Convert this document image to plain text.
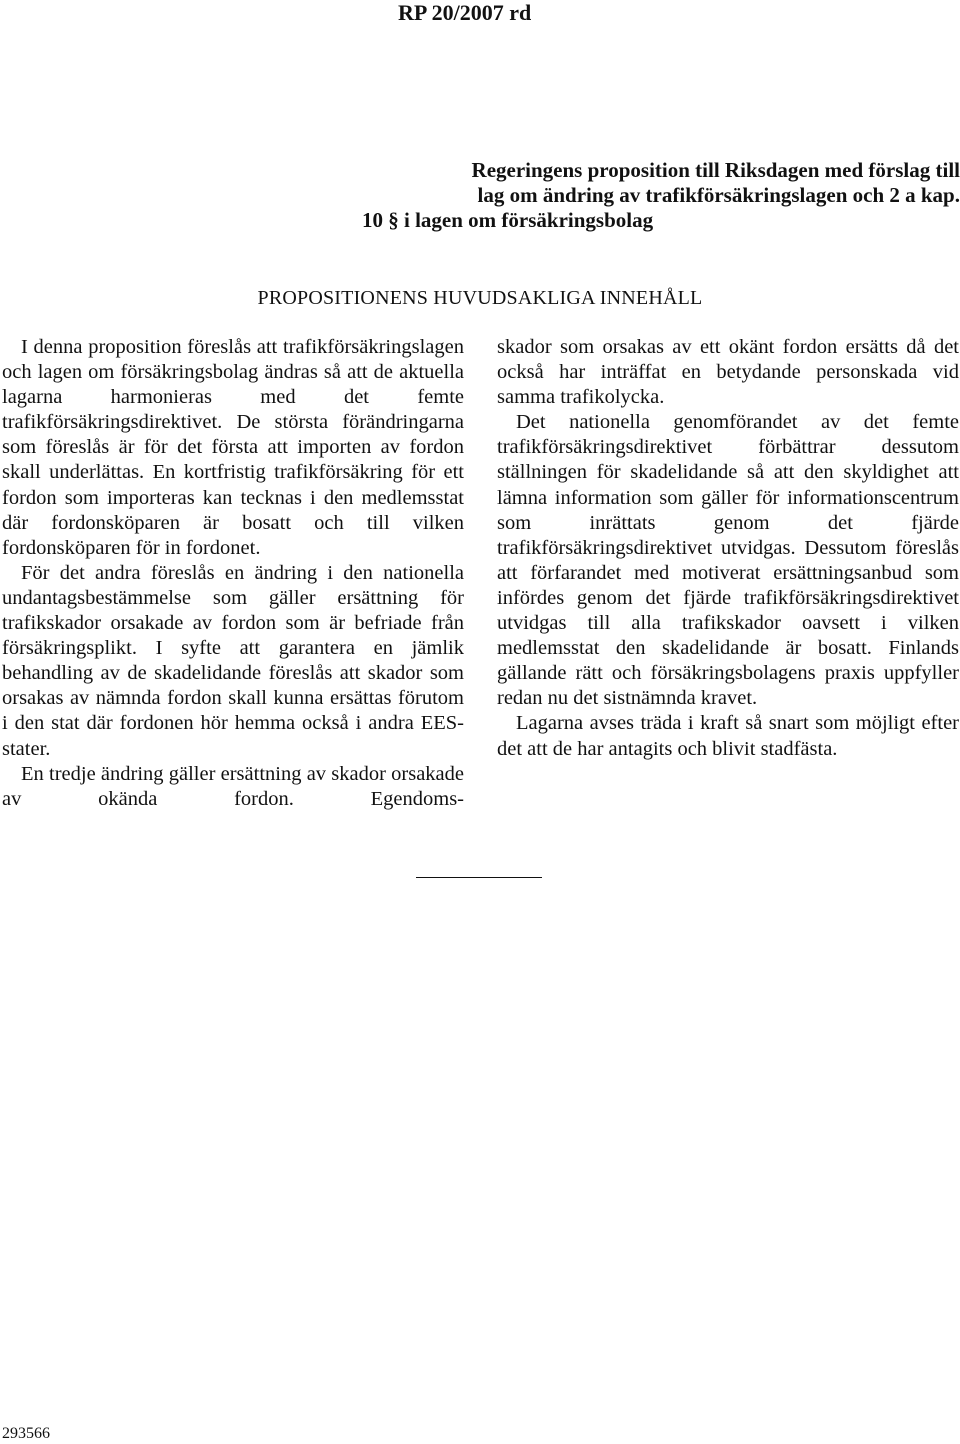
RP 20/2007 rd
Regeringens proposition till Riksdagen med förslag till
lag om ändring av trafikförsäkringslagen och 2 a kap.
10 § i lagen om försäkringsbolag
PROPOSITIONENS HUVUDSAKLIGA INNEHÅLL

I denna proposition föreslås att trafikförsäkringslagen och lagen om försäkringsbolag ändras så att de aktuella lagarna harmonieras med det femte trafikförsäkringsdirektivet. De största förändringarna som föreslås är för det första att importen av fordon skall underlättas. En kortfristig trafikförsäkring för ett fordon som importeras kan tecknas i den medlemsstat där fordonsköparen är bosatt och till vilken fordonsköparen för in fordonet.

För det andra föreslås en ändring i den nationella undantagsbestämmelse som gäller ersättning för trafikskador orsakade av fordon som är befriade från försäkringsplikt. I syfte att garantera en jämlik behandling av de skadelidande föreslås att skador som orsakas av nämnda fordon skall kunna ersättas förutom i den stat där fordonen hör hemma också i andra EES-stater.

En tredje ändring gäller ersättning av skador orsakade av okända fordon. Egendoms-

skador som orsakas av ett okänt fordon ersätts då det också har inträffat en betydande personskada vid samma trafikolycka.

Det nationella genomförandet av det femte trafikförsäkringsdirektivet förbättrar dessutom ställningen för skadelidande så att den skyldighet att lämna information som gäller för informationscentrum som inrättats genom det fjärde trafikförsäkringsdirektivet utvidgas. Dessutom föreslås att förfarandet med motiverat ersättningsanbud som infördes genom det fjärde trafikförsäkringsdirektivet utvidgas till alla trafikskador oavsett i vilken medlemsstat den skadelidande är bosatt. Finlands gällande rätt och försäkringsbolagens praxis uppfyller redan nu det sistnämnda kravet.

Lagarna avses träda i kraft så snart som möjligt efter det att de har antagits och blivit stadfästa.

293566
